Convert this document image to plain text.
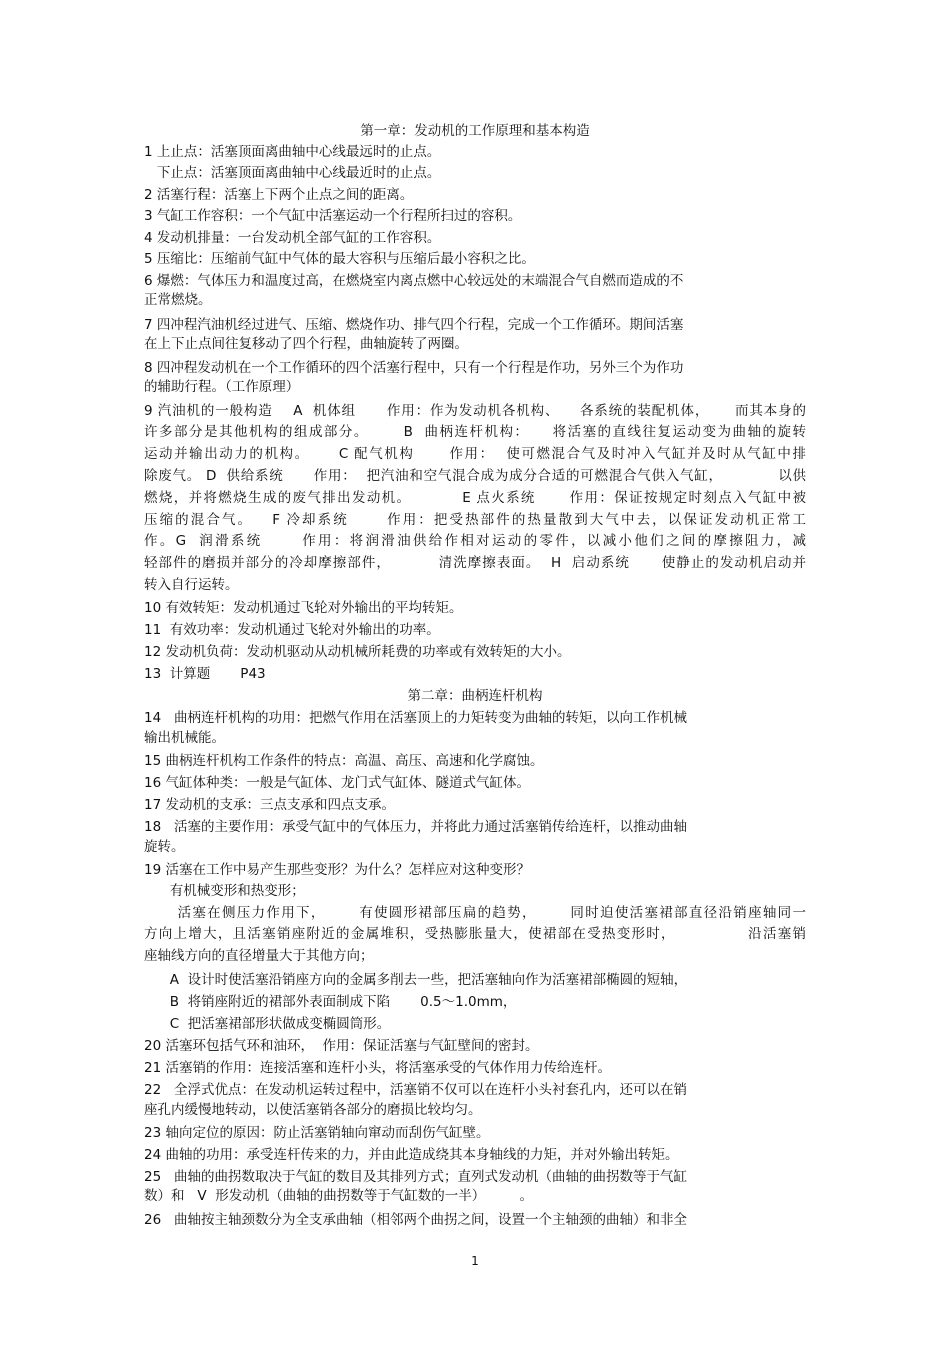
第一章：发动机的工作原理和基本构造
1 上止点：活塞顶面离曲轴中心线最远时的止点。
下止点：活塞顶面离曲轴中心线最近时的止点。
2 活塞行程：活塞上下两个止点之间的距离。
3 气缸工作容积：一个气缸中活塞运动一个行程所扫过的容积。
4 发动机排量：一台发动机全部气缸的工作容积。
5 压缩比：压缩前气缸中气体的最大容积与压缩后最小容积之比。
6 爆燃：气体压力和温度过高，在燃烧室内离点燃中心较远处的末端混合气自燃而造成的不
正常燃烧。
7 四冲程汽油机经过进气、压缩、燃烧作功、排气四个行程，完成一个工作循环。期间活塞
在上下止点间往复移动了四个行程，曲轴旋转了两圈。
8 四冲程发动机在一个工作循环的四个活塞行程中，只有一个行程是作功，另外三个为作功
的辅助行程。（工作原理）
9 汽油机的一般构造    A  机体组      作用：作为发动机各机构、    各系统的装配机体，     而其本身的
许多部分是其他机构的组成部分。      B  曲柄连杆机构：    将活塞的直线往复运动变为曲轴的旋转
运动并输出动力的机构。     C 配气机构      作用：  使可燃混合气及时冲入气缸并及时从气缸中排
除废气。 D  供给系统      作用：  把汽油和空气混合成为成分合适的可燃混合气供入气缸，           以供
燃烧，并将燃烧生成的废气排出发动机。         E 点火系统      作用：保证按规定时刻点入气缸中被
压缩的混合气。   F 冷却系统      作用：把受热部件的热量散到大气中去，以保证发动机正常工
作。G  润滑系统      作用：将润滑油供给作相对运动的零件，以减小他们之间的摩擦阻力，减
轻部件的磨损并部分的冷却摩擦部件，         清洗摩擦表面。  H  启动系统      使静止的发动机启动并
转入自行运转。
10 有效转矩：发动机通过飞轮对外输出的平均转矩。
11  有效功率：发动机通过飞轮对外输出的功率。
12 发动机负荷：发动机驱动从动机械所耗费的功率或有效转矩的大小。
13  计算题       P43
第二章：曲柄连杆机构
14   曲柄连杆机构的功用：把燃气作用在活塞顶上的力矩转变为曲轴的转矩，以向工作机械
输出机械能。
15 曲柄连杆机构工作条件的特点：高温、高压、高速和化学腐蚀。
16 气缸体种类：一般是气缸体、龙门式气缸体、隧道式气缸体。
17 发动机的支承：三点支承和四点支承。
18   活塞的主要作用：承受气缸中的气体压力，并将此力通过活塞销传给连杆，以推动曲轴
旋转。
19 活塞在工作中易产生那些变形？为什么？怎样应对这种变形？
有机械变形和热变形；
活塞在侧压力作用下，      有使圆形裙部压扁的趋势，      同时迫使活塞裙部直径沿销座轴同一
方向上增大，且活塞销座附近的金属堆积，受热膨胀量大，使裙部在受热变形时，             沿活塞销
座轴线方向的直径增量大于其他方向；
A  设计时使活塞沿销座方向的金属多削去一些，把活塞轴向作为活塞裙部椭圆的短轴，
B  将销座附近的裙部外表面制成下陷       0.5～1.0mm，
C  把活塞裙部形状做成变椭圆筒形。
20 活塞环包括气环和油环，  作用：保证活塞与气缸壁间的密封。
21 活塞销的作用：连接活塞和连杆小头，将活塞承受的气体作用力传给连杆。
22   全浮式优点：在发动机运转过程中，活塞销不仅可以在连杆小头衬套孔内，还可以在销
座孔内缓慢地转动，以使活塞销各部分的磨损比较均匀。
23 轴向定位的原因：防止活塞销轴向窜动而刮伤气缸壁。
24 曲轴的功用：承受连杆传来的力，并由此造成绕其本身轴线的力矩，并对外输出转矩。
25   曲轴的曲拐数取决于气缸的数目及其排列方式；直列式发动机（曲轴的曲拐数等于气缸
数）和   V  形发动机（曲轴的曲拐数等于气缸数的一半）        。
26   曲轴按主轴颈数分为全支承曲轴（相邻两个曲拐之间，设置一个主轴颈的曲轴）和非全
1
